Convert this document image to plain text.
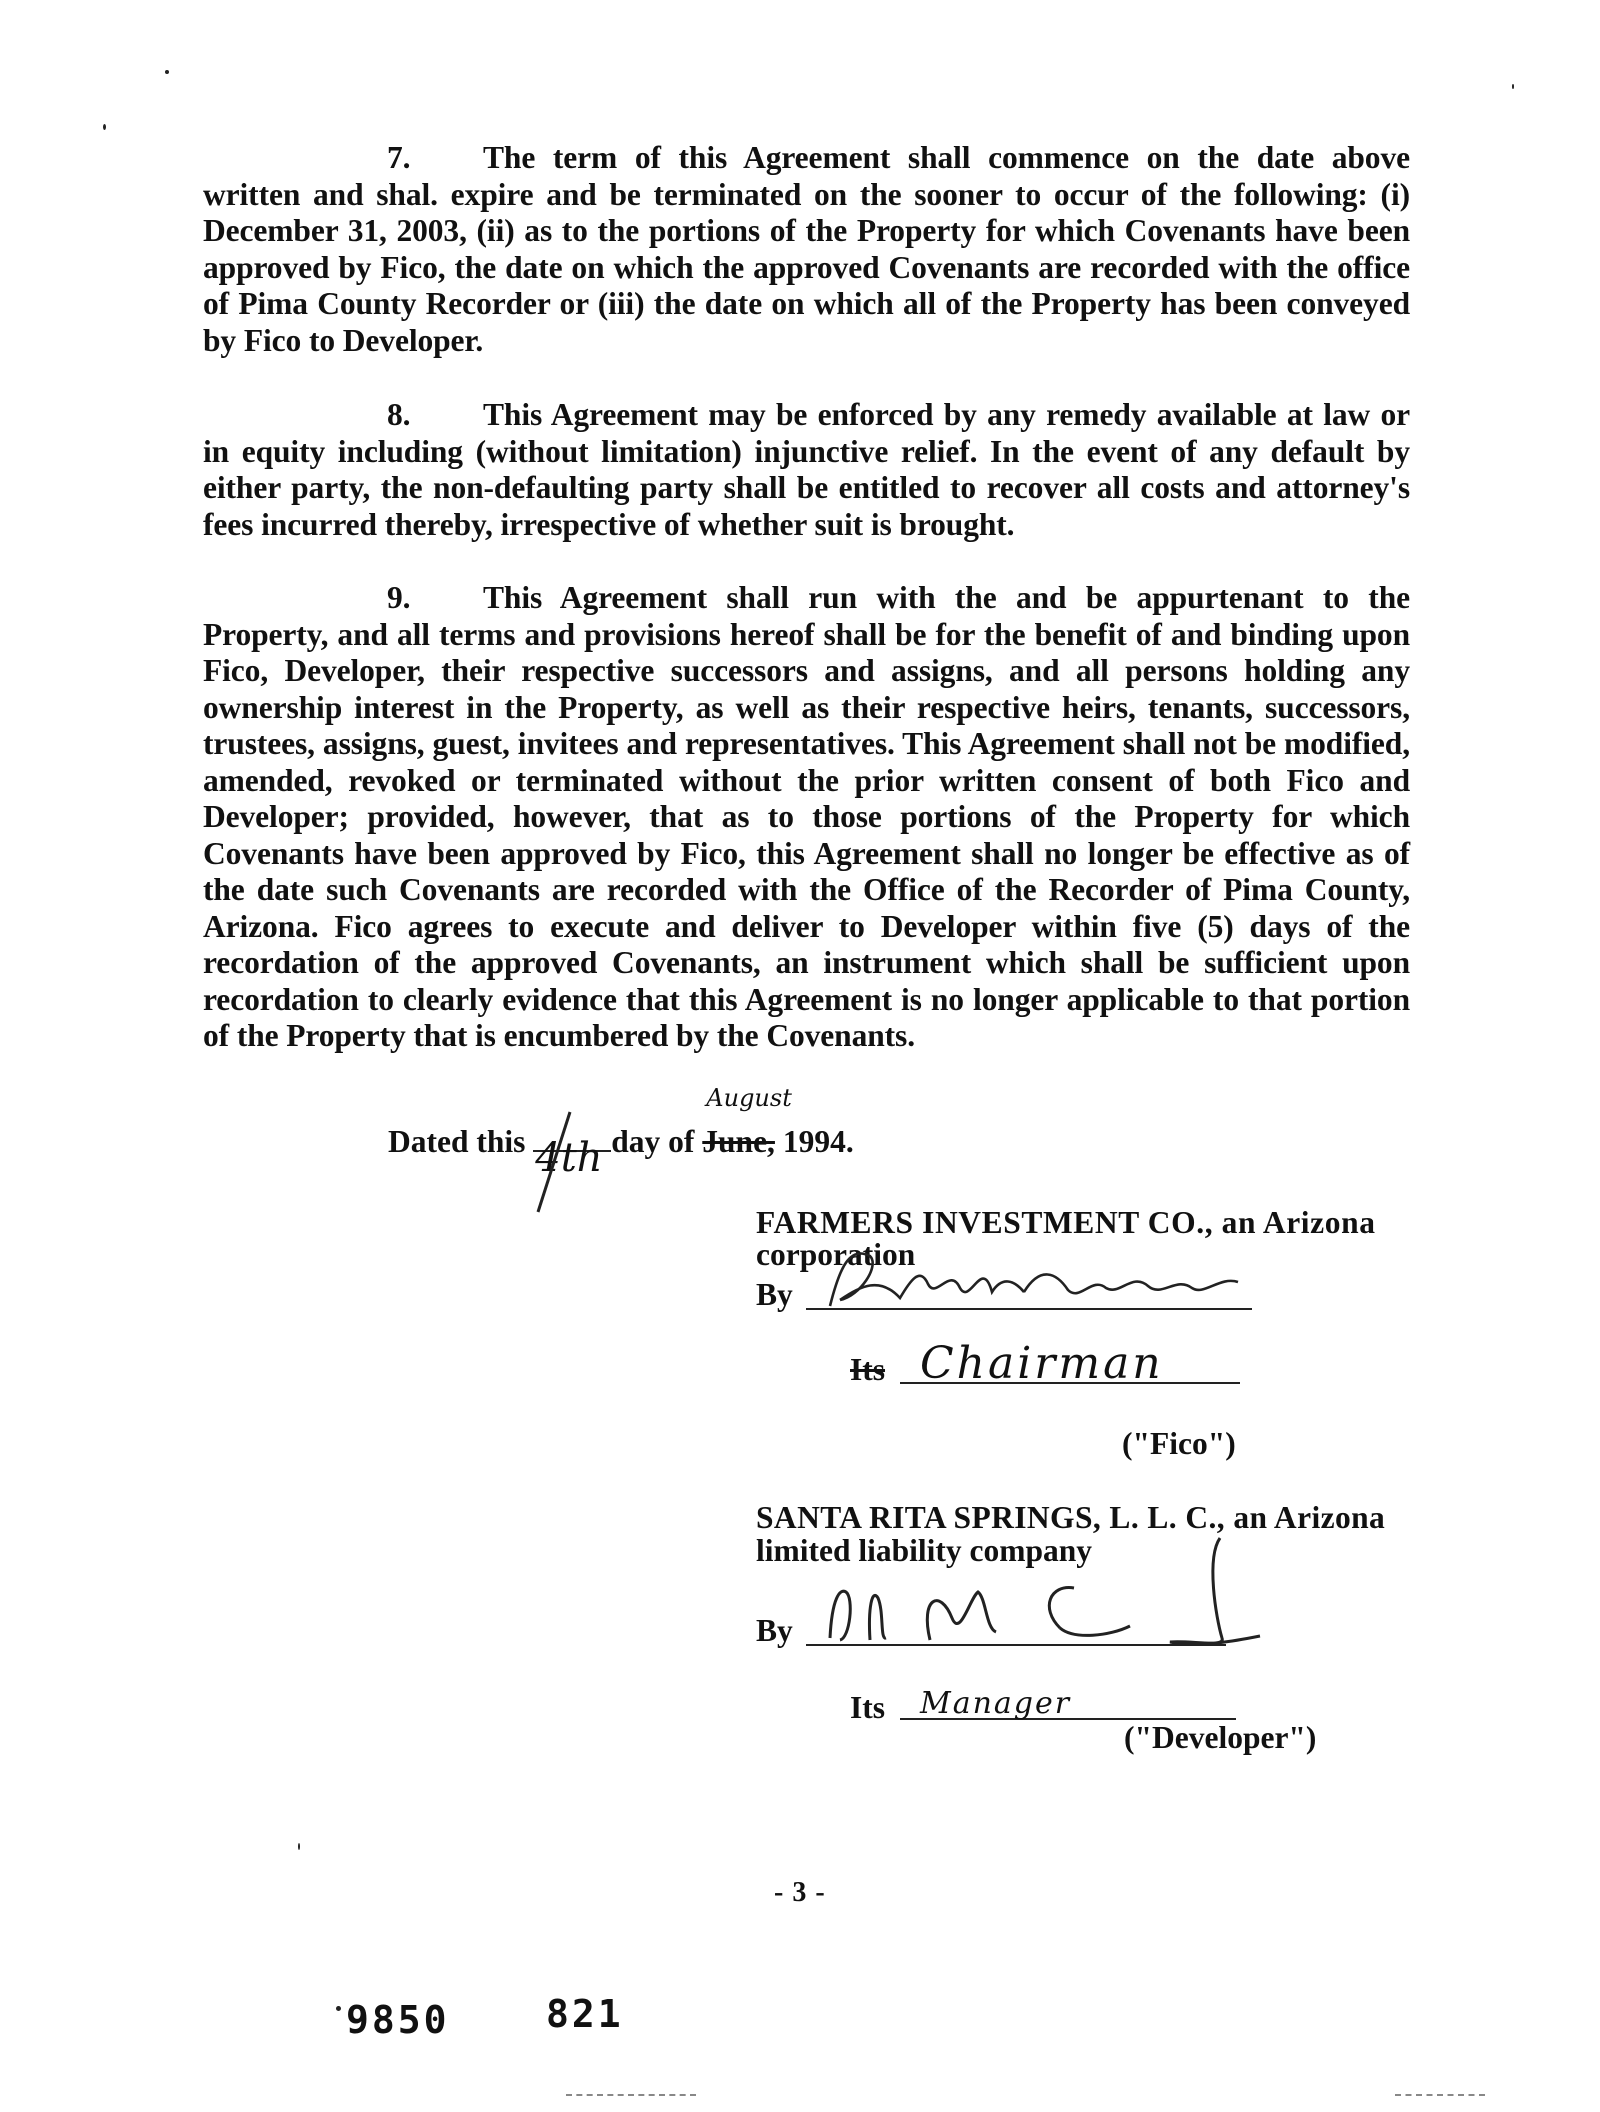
7. The term of this Agreement shall commence on the date above written and shal. expire and be terminated on the sooner to occur of the following: (i) December 31, 2003, (ii) as to the portions of the Property for which Covenants have been approved by Fico, the date on which the approved Covenants are recorded with the office of Pima County Recorder or (iii) the date on which all of the Property has been conveyed by Fico to Developer.
8. This Agreement may be enforced by any remedy available at law or in equity including (without limitation) injunctive relief. In the event of any default by either party, the non-defaulting party shall be entitled to recover all costs and attorney's fees incurred thereby, irrespective of whether suit is brought.
9. This Agreement shall run with the and be appurtenant to the Property, and all terms and provisions hereof shall be for the benefit of and binding upon Fico, Developer, their respective successors and assigns, and all persons holding any ownership interest in the Property, as well as their respective heirs, tenants, successors, trustees, assigns, guest, invitees and representatives. This Agreement shall not be modified, amended, revoked or terminated without the prior written consent of both Fico and Developer; provided, however, that as to those portions of the Property for which Covenants have been approved by Fico, this Agreement shall no longer be effective as of the date such Covenants are recorded with the Office of the Recorder of Pima County, Arizona. Fico agrees to execute and deliver to Developer within five (5) days of the recordation of the approved Covenants, an instrument which shall be sufficient upon recordation to clearly evidence that this Agreement is no longer applicable to that portion of the Property that is encumbered by the Covenants.
Dated this 4th day of June,
August
1994.
FARMERS INVESTMENT CO., an Arizona
corporation
By
Its Chairman
("Fico")
SANTA RITA SPRINGS, L. L. C., an Arizona
limited liability company
By
Its Manager
("Developer")
- 3 -
9850	821
